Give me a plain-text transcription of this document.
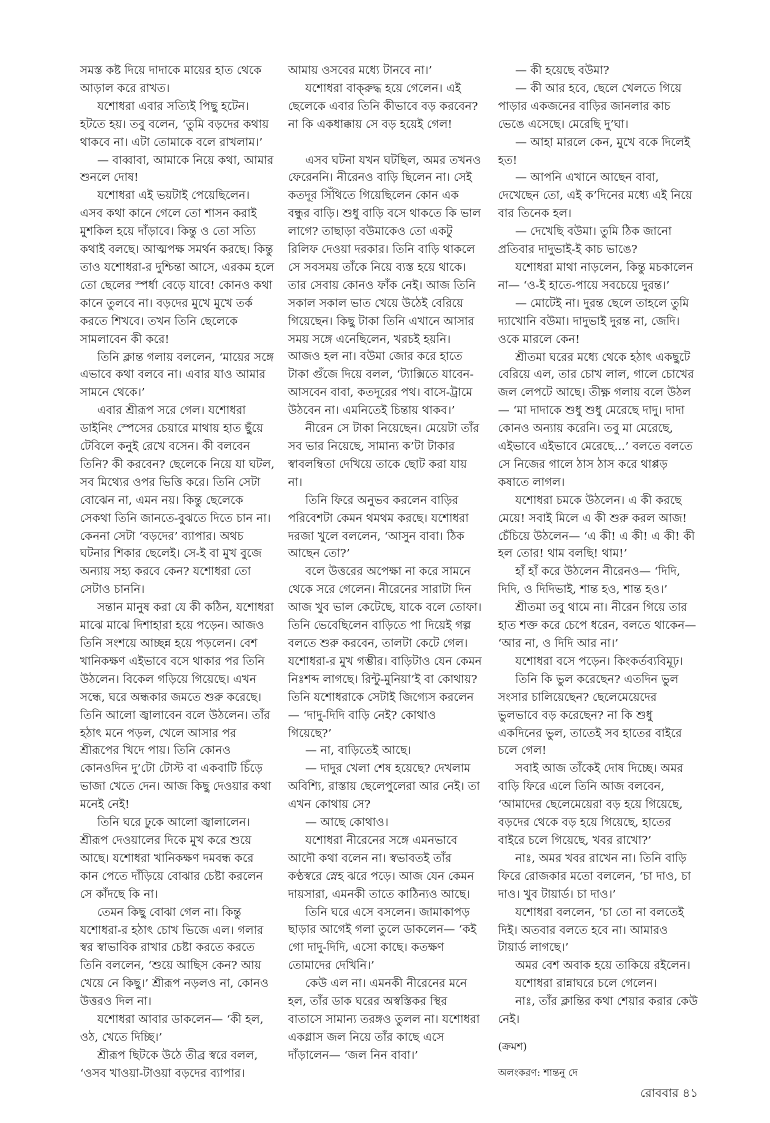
সমস্ত কষ্ট দিয়ে দাদাকে মায়ের হাত থেকে আড়াল করে রাখত।

যশোধরা এবার সত্যিই পিছু হটেন। হটতে হয়। তবু বলেন, ‘তুমি বড়দের কথায় থাকবে না। এটা তোমাকে বলে রাখলাম।’

— বাব্বাবা, আমাকে নিয়ে কথা, আমার শুনলে দোষ!

যশোধরা এই ভয়টাই পেয়েছিলেন। এসব কথা কানে গেলে তো শাসন করাই মুশকিল হয়ে দাঁড়াবে। কিন্তু ও তো সত্যি কথাই বলছে। আত্মপক্ষ সমর্থন করছে। কিন্তু তাও যশোধরা-র দুশ্চিন্তা আসে, এরকম হলে তো ছেলের স্পর্ধা বেড়ে যাবে! কোনও কথা কানে তুলবে না। বড়দের মুখে মুখে তর্ক করতে শিখবে। তখন তিনি ছেলেকে সামলাবেন কী করে!

তিনি ক্লান্ত গলায় বললেন, ‘মায়ের সঙ্গে এভাবে কথা বলবে না। এবার যাও আমার সামনে থেকে।’

এবার শ্রীরূপ সরে গেল। যশোধরা ডাইনিং স্পেসের চেয়ারে মাথায় হাত ছুঁয়ে টেবিলে কনুই রেখে বসেন। কী বলবেন তিনি? কী করবেন? ছেলেকে নিয়ে যা ঘটল, সব মিথ্যের ওপর ভিত্তি করে। তিনি সেটা বোঝেন না, এমন নয়। কিন্তু ছেলেকে সেকথা তিনি জানতে-বুঝতে দিতে চান না। কেননা সেটা ‘বড়দের’ ব্যাপার। অথচ ঘটনার শিকার ছেলেই। সে-ই বা মুখ বুজে অন্যায় সহ্য করবে কেন? যশোধরা তো সেটাও চাননি।

সন্তান মানুষ করা যে কী কঠিন, যশোধরা মাঝে মাঝে দিশাহারা হয়ে পড়েন। আজও তিনি সংশয়ে আচ্ছন্ন হয়ে পড়লেন। বেশ খানিকক্ষণ এইভাবে বসে থাকার পর তিনি উঠলেন। বিকেল গড়িয়ে গিয়েছে। এখন সন্ধে, ঘরে অন্ধকার জমতে শুরু করেছে। তিনি আলো জ্বালাবেন বলে উঠলেন। তাঁর হঠাৎ মনে পড়ল, খেলে আসার পর শ্রীরূপের খিদে পায়। তিনি কোনও কোনওদিন দু’টো টোস্ট বা একবাটি চিঁড়ে ভাজা খেতে দেন। আজ কিছু দেওয়ার কথা মনেই নেই!

তিনি ঘরে ঢুকে আলো জ্বালালেন। শ্রীরূপ দেওয়ালের দিকে মুখ করে শুয়ে আছে। যশোধরা খানিকক্ষণ দমবন্ধ করে কান পেতে দাঁড়িয়ে বোঝার চেষ্টা করলেন সে কাঁদছে কি না।

তেমন কিছু বোঝা গেল না। কিন্তু যশোধরা-র হঠাৎ চোখ ভিজে এল। গলার স্বর স্বাভাবিক রাখার চেষ্টা করতে করতে তিনি বললেন, ‘শুয়ে আছিস কেন? আয় খেয়ে নে কিছু।’ শ্রীরূপ নড়লও না, কোনও উত্তরও দিল না।

যশোধরা আবার ডাকলেন— ‘কী হল, ওঠ, খেতে দিচ্ছি।’

শ্রীরূপ ছিটকে উঠে তীব্র স্বরে বলল, ‘ওসব খাওয়া-টাওয়া বড়দের ব্যাপার।

আমায় ওসবের মধ্যে টানবে না।’

যশোধরা বাক্‌রুদ্ধ হয়ে গেলেন। এই ছেলেকে এবার তিনি কীভাবে বড় করবেন? না কি একধাক্কায় সে বড় হয়েই গেল!

এসব ঘটনা যখন ঘটছিল, অমর তখনও ফেরেননি। নীরেনও বাড়ি ছিলেন না। সেই কতদূর সিঁথিতে গিয়েছিলেন কোন এক বন্ধুর বাড়ি। শুধু বাড়ি বসে থাকতে কি ভাল লাগে? তাছাড়া বউমাকেও তো একটু রিলিফ দেওয়া দরকার। তিনি বাড়ি থাকলে সে সবসময় তাঁকে নিয়ে ব্যস্ত হয়ে থাকে। তার সেবায় কোনও ফাঁক নেই। আজ তিনি সকাল সকাল ভাত খেয়ে উঠেই বেরিয়ে গিয়েছেন। কিছু টাকা তিনি এখানে আসার সময় সঙ্গে এনেছিলেন, খরচই হয়নি। আজও হল না। বউমা জোর করে হাতে টাকা গুঁজে দিয়ে বলল, ‘ট্যাক্সিতে যাবেন-আসবেন বাবা, কতদূরের পথ। বাসে-ট্রামে উঠবেন না। এমনিতেই চিন্তায় থাকব।’

নীরেন সে টাকা নিয়েছেন। মেয়েটা তাঁর সব ভার নিয়েছে, সামান্য ক’টা টাকার স্বাবলম্বিতা দেখিয়ে তাকে ছোট করা যায় না।

তিনি ফিরে অনুভব করলেন বাড়ির পরিবেশটা কেমন থমথম করছে। যশোধরা দরজা খুলে বললেন, ‘আসুন বাবা। ঠিক আছেন তো?’

বলে উত্তরের অপেক্ষা না করে সামনে থেকে সরে গেলেন। নীরেনের সারাটা দিন আজ খুব ভাল কেটেছে, যাকে বলে তোফা। তিনি ভেবেছিলেন বাড়িতে পা দিয়েই গল্প বলতে শুরু করবেন, তালটা কেটে গেল। যশোধরা-র মুখ গম্ভীর। বাড়িটাও যেন কেমন নিঃশব্দ লাগছে। রিন্টু-মুনিয়া’ই বা কোথায়? তিনি যশোধরাকে সেটাই জিগ্যেস করলেন— ‘দাদু-দিদি বাড়ি নেই? কোথাও গিয়েছে?’

— না, বাড়িতেই আছে।

— দাদুর খেলা শেষ হয়েছে? দেখলাম অবিশ্যি, রাস্তায় ছেলেপুলেরা আর নেই। তা এখন কোথায় সে?

— আছে কোথাও।

যশোধরা নীরেনের সঙ্গে এমনভাবে আদৌ কথা বলেন না। স্বভাবতই তাঁর কণ্ঠস্বরে স্নেহ ঝরে পড়ে। আজ যেন কেমন দায়সারা, এমনকী তাতে কাঠিন্যও আছে।

তিনি ঘরে এসে বসলেন। জামাকাপড় ছাড়ার আগেই গলা তুলে ডাকলেন— ‘কই গো দাদু-দিদি, এসো কাছে। কতক্ষণ তোমাদের দেখিনি।’

কেউ এল না। এমনকী নীরেনের মনে হল, তাঁর ডাক ঘরের অস্বস্তিকর স্থির বাতাসে সামান্য তরঙ্গও তুলল না। যশোধরা একগ্লাস জল নিয়ে তাঁর কাছে এসে দাঁড়ালেন— ‘জল নিন বাবা।’

— কী হয়েছে বউমা?

— কী আর হবে, ছেলে খেলতে গিয়ে পাড়ার একজনের বাড়ির জানলার কাচ ভেঙে এসেছে। মেরেছি দু’ঘা।

— আহা মারলে কেন, মুখে বকে দিলেই হত!

— আপনি এখানে আছেন বাবা, দেখেছেন তো, এই ক’দিনের মধ্যে এই নিয়ে বার তিনেক হল।

— দেখেছি বউমা। তুমি ঠিক জানো প্রতিবার দাদুভাই-ই কাচ ভাঙে?

যশোধরা মাথা নাড়লেন, কিন্তু মচকালেন না— ‘ও-ই হাতে-পায়ে সবচেয়ে দুরন্ত।’

— মোটেই না। দুরন্ত ছেলে তাহলে তুমি দ্যাখোনি বউমা। দাদুভাই দুরন্ত না, জেদি। ওকে মারলে কেন!

শ্রীতমা ঘরের মধ্যে থেকে হঠাৎ একছুটে বেরিয়ে এল, তার চোখ লাল, গালে চোখের জল লেপটে আছে। তীক্ষ্ণ গলায় বলে উঠল— ‘মা দাদাকে শুধু শুধু মেরেছে দাদু। দাদা কোনও অন্যায় করেনি। তবু মা মেরেছে, এইভাবে এইভাবে মেরেছে...’ বলতে বলতে সে নিজের গালে ঠাস ঠাস করে থাপ্পড় কষাতে লাগল।

যশোধরা চমকে উঠলেন। এ কী করছে মেয়ে! সবাই মিলে এ কী শুরু করল আজ! চেঁচিয়ে উঠলেন— ‘এ কী! এ কী! এ কী! কী হল তোর! থাম বলছি! থাম!’

হাঁ হাঁ করে উঠলেন নীরেনও— ‘দিদি, দিদি, ও দিদিভাই, শান্ত হও, শান্ত হও।’

শ্রীতমা তবু থামে না। নীরেন গিয়ে তার হাত শক্ত করে চেপে ধরেন, বলতে থাকেন— ‘আর না, ও দিদি আর না।’

যশোধরা বসে পড়েন। কিংকর্তব্যবিমূঢ়।

তিনি কি ভুল করেছেন? এতদিন ভুল সংসার চালিয়েছেন? ছেলেমেয়েদের ভুলভাবে বড় করেছেন? না কি শুধু একদিনের ভুল, তাতেই সব হাতের বাইরে চলে গেল!

সবাই আজ তাঁকেই দোষ দিচ্ছে। অমর বাড়ি ফিরে এলে তিনি আজ বলবেন, ‘আমাদের ছেলেমেয়েরা বড় হয়ে গিয়েছে, বড়দের থেকে বড় হয়ে গিয়েছে, হাতের বাইরে চলে গিয়েছে, খবর রাখো?’

নাঃ, অমর খবর রাখেন না। তিনি বাড়ি ফিরে রোজকার মতো বললেন, ‘চা দাও, চা দাও। খুব টায়ার্ড। চা দাও।’

যশোধরা বললেন, ‘চা তো না বলতেই দিই। অতবার বলতে হবে না। আমারও টায়ার্ড লাগছে।’

অমর বেশ অবাক হয়ে তাকিয়ে রইলেন।

যশোধরা রান্নাঘরে চলে গেলেন।

নাঃ, তাঁর ক্লান্তির কথা শেয়ার করার কেউ নেই।

(ক্রমশ)

অলংকরণ: শান্তনু দে

রোববার ৪১
